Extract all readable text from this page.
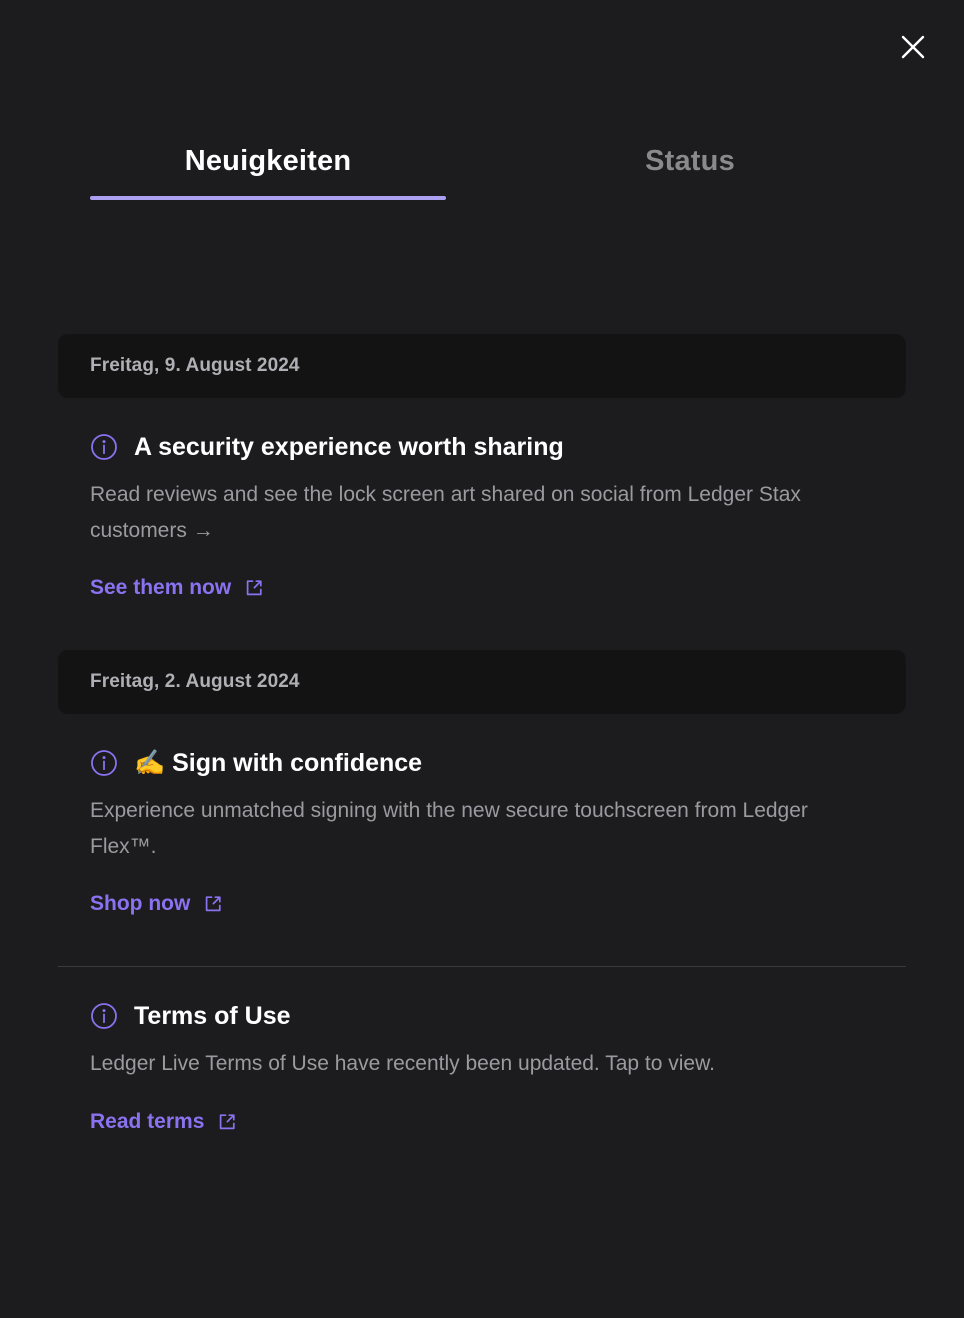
Neuigkeiten	Status
Freitag, 9. August 2024
A security experience worth sharing
Read reviews and see the lock screen art shared on social from Ledger Stax customers →
See them now
Freitag, 2. August 2024
✍️ Sign with confidence
Experience unmatched signing with the new secure touchscreen from Ledger Flex™.
Shop now
Terms of Use
Ledger Live Terms of Use have recently been updated. Tap to view.
Read terms
